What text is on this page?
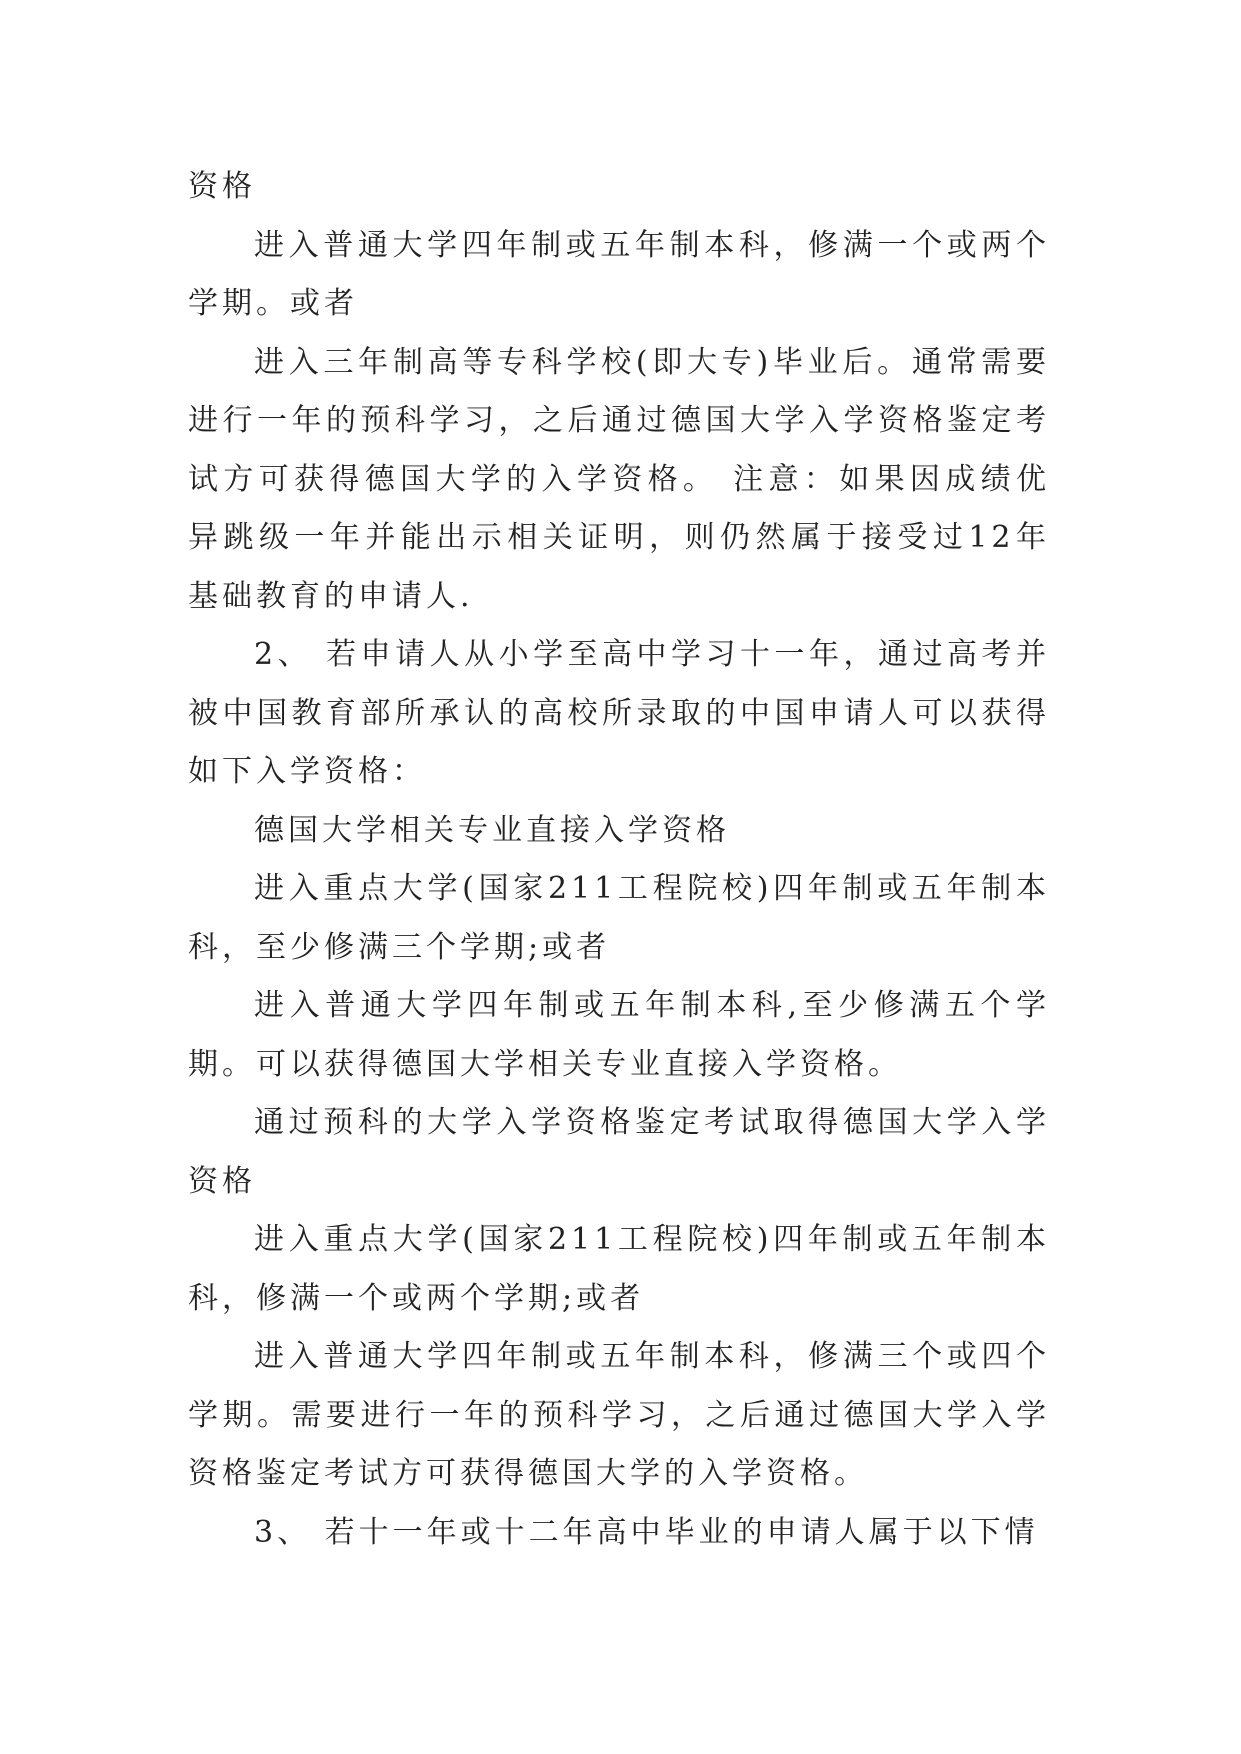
资格

进入普通大学四年制或五年制本科，修满一个或两个学期。或者

进入三年制高等专科学校(即大专)毕业后。通常需要进行一年的预科学习，之后通过德国大学入学资格鉴定考试方可获得德国大学的入学资格。 注意：如果因成绩优异跳级一年并能出示相关证明，则仍然属于接受过12年基础教育的申请人.

2、 若申请人从小学至高中学习十一年，通过高考并被中国教育部所承认的高校所录取的中国申请人可以获得如下入学资格：

德国大学相关专业直接入学资格

进入重点大学(国家211工程院校)四年制或五年制本科，至少修满三个学期;或者

进入普通大学四年制或五年制本科,至少修满五个学期。可以获得德国大学相关专业直接入学资格。

通过预科的大学入学资格鉴定考试取得德国大学入学资格

进入重点大学(国家211工程院校)四年制或五年制本科，修满一个或两个学期;或者

进入普通大学四年制或五年制本科，修满三个或四个学期。需要进行一年的预科学习，之后通过德国大学入学资格鉴定考试方可获得德国大学的入学资格。

3、 若十一年或十二年高中毕业的申请人属于以下情
